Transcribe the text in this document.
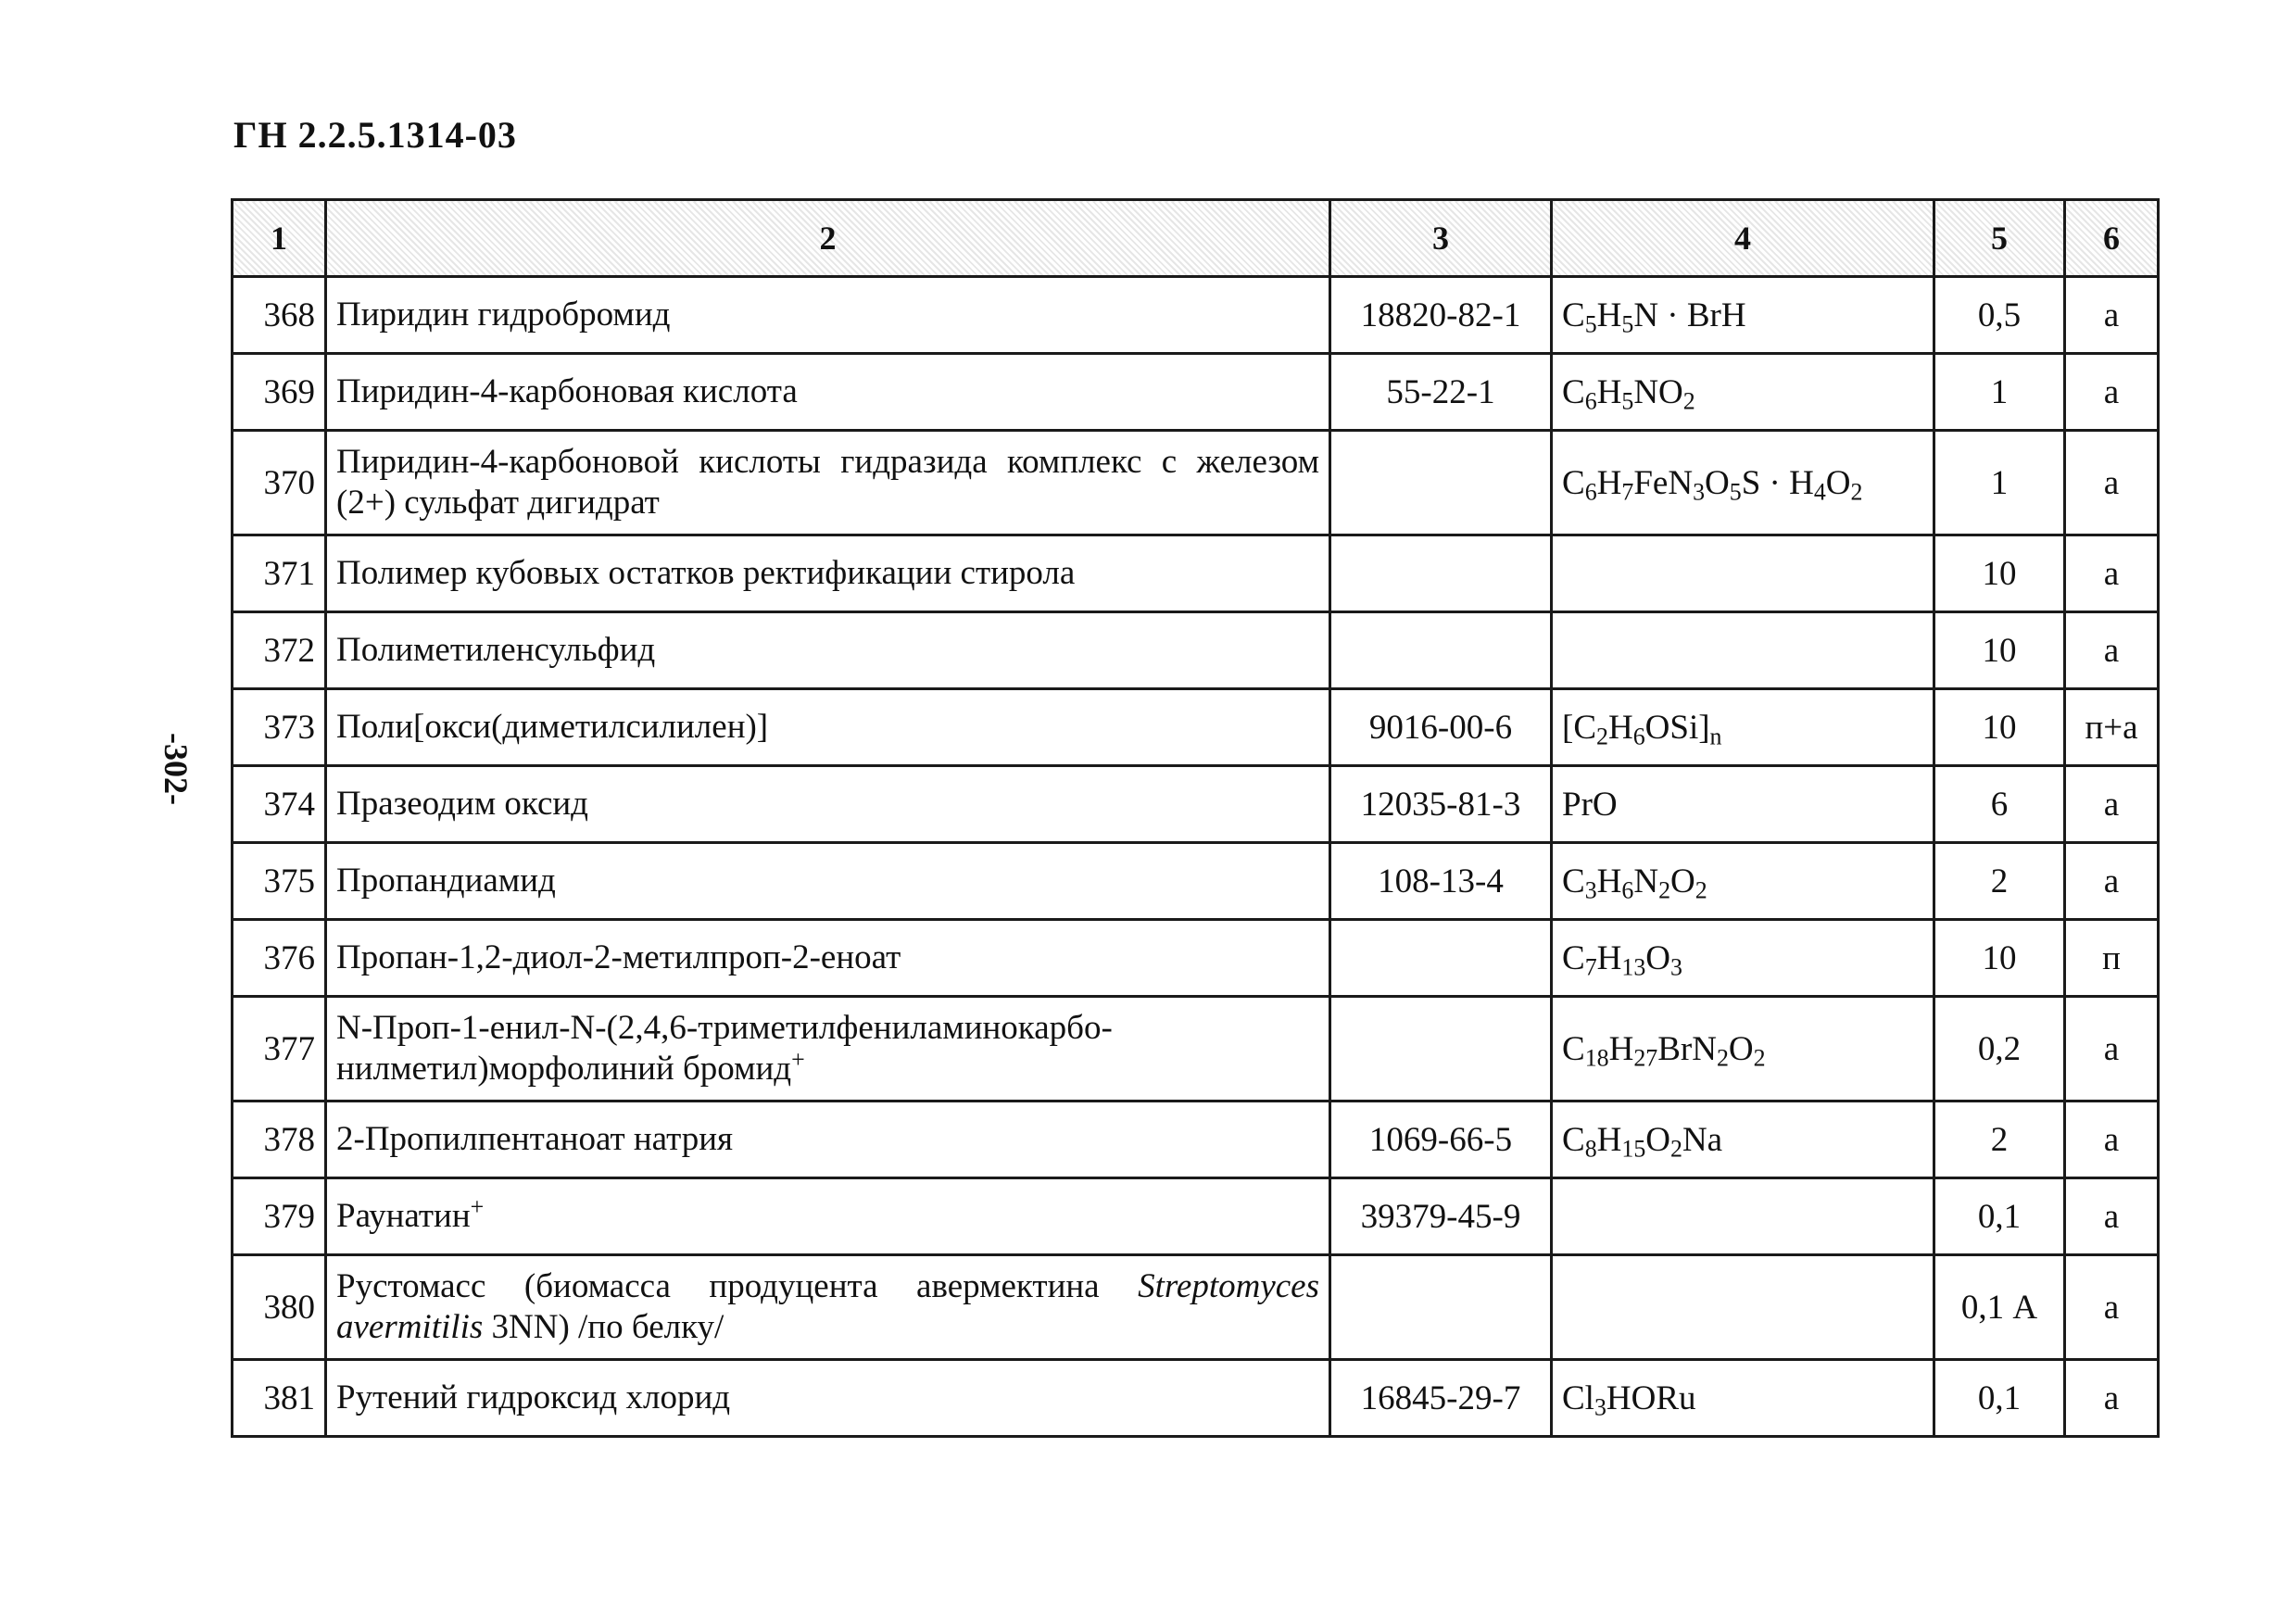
ГН 2.2.5.1314-03
-302-
1	2	3	4	5	6
368	Пиридин гидробромид	18820-82-1	$C_5H_5N$ · BrH	0,5	а
369	Пиридин-4-карбоновая кислота	55-22-1	$C_6H_5NO_2$	1	а
370	Пиридин-4-карбоновой кислоты гидразида комплекс с железом (2+) сульфат дигидрат		$C_6H_7FeN_3O_5S \cdot H_4O_2$	1	а
371	Полимер кубовых остатков ректификации стирола			10	а
372	Полиметиленсульфид			10	а
373	Поли[окси(диметилсилилен)]	9016-00-6	$[C_2H_6OSi]_n$	10	п+а
374	Празеодим оксид	12035-81-3	PrO	6	а
375	Пропандиамид	108-13-4	$C_3H_6N_2O_2$	2	а
376	Пропан-1,2-диол-2-метилпроп-2-еноат		$C_7H_{13}O_3$	10	п
377	N-Проп-1-енил-N-(2,4,6-триметилфениламинокарбо-нилметил)морфолиний бромид+		$C_{18}H_{27}BrN_2O_2$	0,2	а
378	2-Пропилпентаноат натрия	1069-66-5	$C_8H_{15}O_2Na$	2	а
379	Раунатин+	39379-45-9		0,1	а
380	Рустомасс (биомасса продуцента авермектина Streptomyces avermitilis 3NN) /по белку/			0,1 А	а
381	Рутений гидроксид хлорид	16845-29-7	$Cl_3HORu$	0,1	а
